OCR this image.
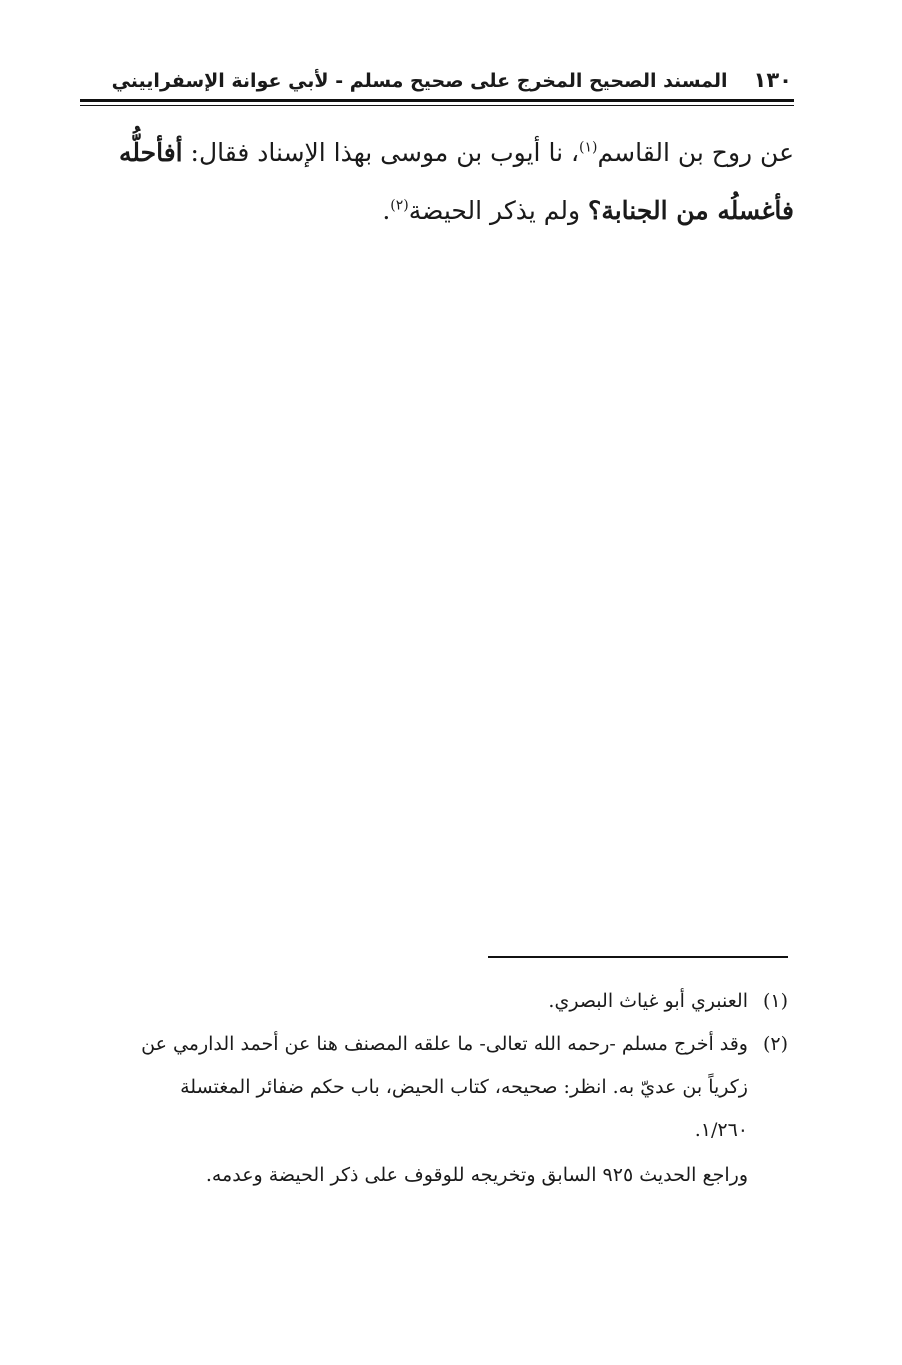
١٣٠
المسند الصحيح المخرج على صحيح مسلم - لأبي عوانة الإسفراييني
عن روح بن القاسم$^{(١)}$، نا أيوب بن موسى بهذا الإسناد فقال: أفأحلُّه
فأغسلُه من الجنابة؟ ولم يذكر الحيضة$^{(٢)}$.
(١)
العنبري أبو غياث البصري.
(٢)
وقد أخرج مسلم -رحمه الله تعالى- ما علقه المصنف هنا عن أحمد الدارمي عن
زكرياً بن عديّ به. انظر: صحيحه، كتاب الحيض، باب حكم ضفائر المغتسلة
١/٢٦٠.
وراجع الحديث ٩٢٥ السابق وتخريجه للوقوف على ذكر الحيضة وعدمه.
